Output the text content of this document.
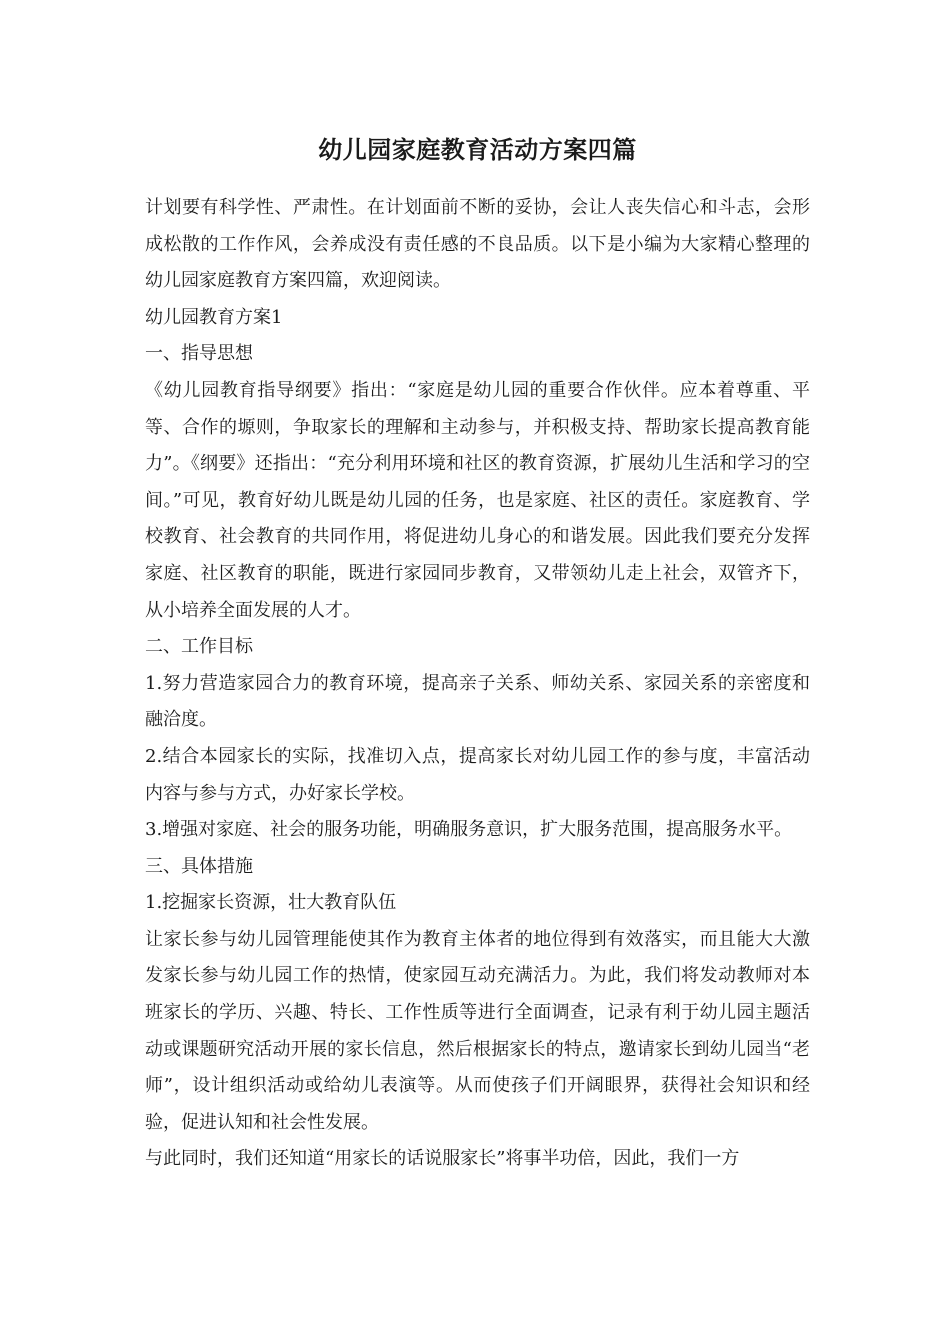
幼儿园家庭教育活动方案四篇

计划要有科学性、严肃性。在计划面前不断的妥协，会让人丧失信心和斗志，会形成松散的工作作风，会养成没有责任感的不良品质。以下是小编为大家精心整理的幼儿园家庭教育方案四篇，欢迎阅读。

幼儿园教育方案1

一、指导思想

《幼儿园教育指导纲要》指出：“家庭是幼儿园的重要合作伙伴。应本着尊重、平等、合作的塬则，争取家长的理解和主动参与，并积极支持、帮助家长提高教育能力”。《纲要》还指出：“充分利用环境和社区的教育资源，扩展幼儿生活和学习的空间。”可见，教育好幼儿既是幼儿园的任务，也是家庭、社区的责任。家庭教育、学校教育、社会教育的共同作用，将促进幼儿身心的和谐发展。因此我们要充分发挥家庭、社区教育的职能，既进行家园同步教育，又带领幼儿走上社会，双管齐下，从小培养全面发展的人才。

二、工作目标

1.努力营造家园合力的教育环境，提高亲子关系、师幼关系、家园关系的亲密度和融洽度。

2.结合本园家长的实际，找准切入点，提高家长对幼儿园工作的参与度，丰富活动内容与参与方式，办好家长学校。

3.增强对家庭、社会的服务功能，明确服务意识，扩大服务范围，提高服务水平。

三、具体措施

1.挖掘家长资源，壮大教育队伍

让家长参与幼儿园管理能使其作为教育主体者的地位得到有效落实，而且能大大激发家长参与幼儿园工作的热情，使家园互动充满活力。为此，我们将发动教师对本班家长的学历、兴趣、特长、工作性质等进行全面调查，记录有利于幼儿园主题活动或课题研究活动开展的家长信息，然后根据家长的特点，邀请家长到幼儿园当“老师”，设计组织活动或给幼儿表演等。从而使孩子们开阔眼界，获得社会知识和经验，促进认知和社会性发展。

与此同时，我们还知道“用家长的话说服家长”将事半功倍，因此，我们一方
